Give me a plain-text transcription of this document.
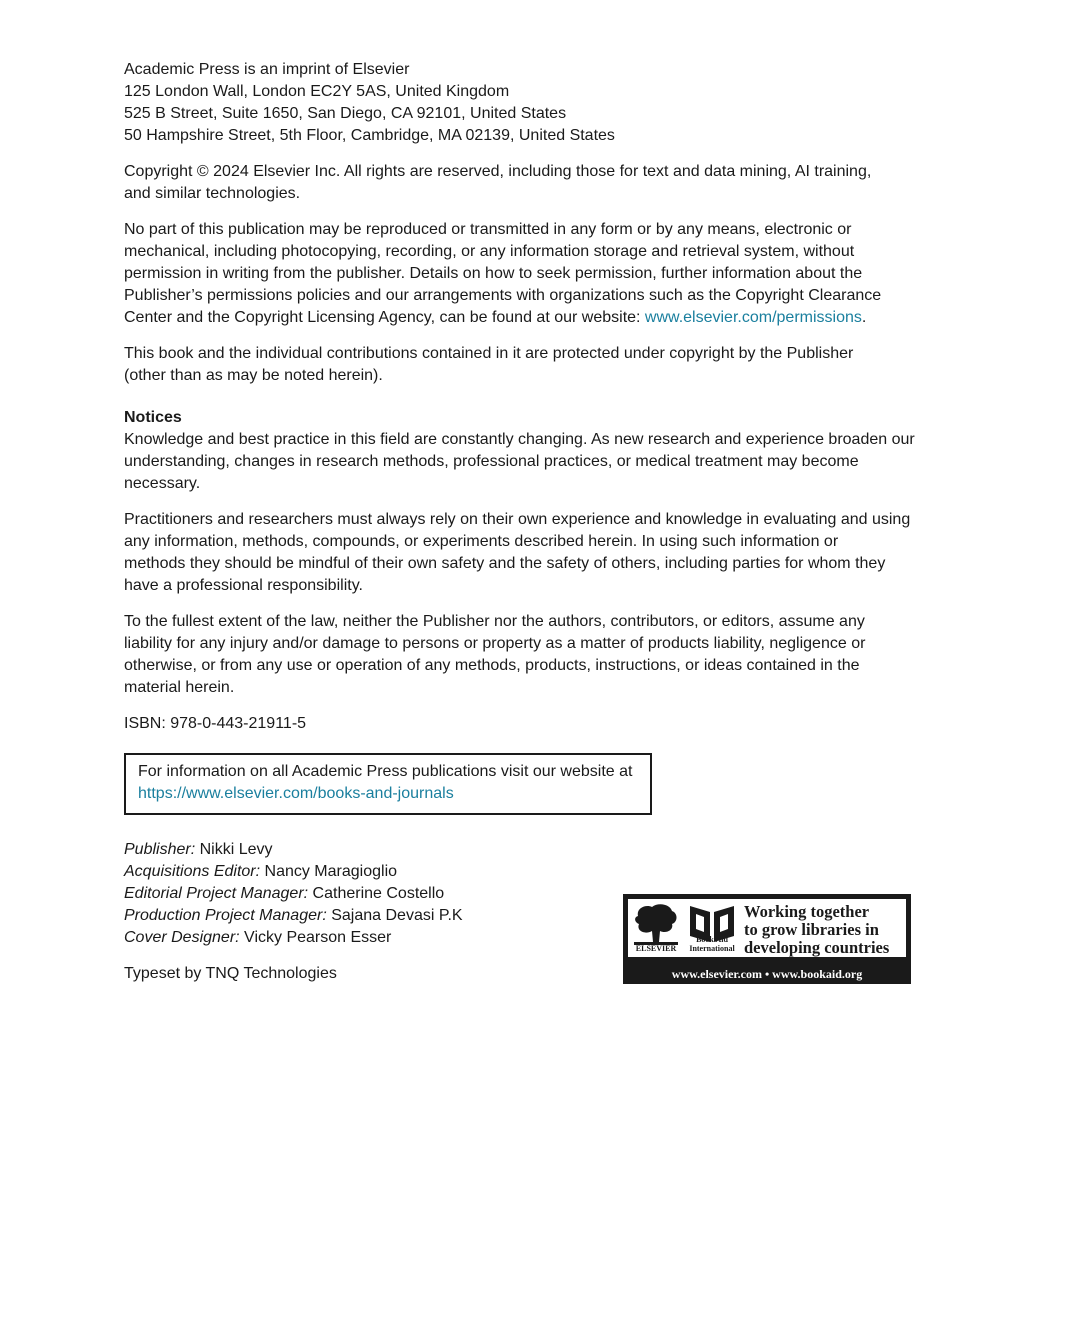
Academic Press is an imprint of Elsevier
125 London Wall, London EC2Y 5AS, United Kingdom
525 B Street, Suite 1650, San Diego, CA 92101, United States
50 Hampshire Street, 5th Floor, Cambridge, MA 02139, United States
Copyright © 2024 Elsevier Inc. All rights are reserved, including those for text and data mining, AI training,
and similar technologies.
No part of this publication may be reproduced or transmitted in any form or by any means, electronic or
mechanical, including photocopying, recording, or any information storage and retrieval system, without
permission in writing from the publisher. Details on how to seek permission, further information about the
Publisher’s permissions policies and our arrangements with organizations such as the Copyright Clearance
Center and the Copyright Licensing Agency, can be found at our website: www.elsevier.com/permissions.
This book and the individual contributions contained in it are protected under copyright by the Publisher
(other than as may be noted herein).
Notices
Knowledge and best practice in this field are constantly changing. As new research and experience broaden our
understanding, changes in research methods, professional practices, or medical treatment may become
necessary.
Practitioners and researchers must always rely on their own experience and knowledge in evaluating and using
any information, methods, compounds, or experiments described herein. In using such information or
methods they should be mindful of their own safety and the safety of others, including parties for whom they
have a professional responsibility.
To the fullest extent of the law, neither the Publisher nor the authors, contributors, or editors, assume any
liability for any injury and/or damage to persons or property as a matter of products liability, negligence or
otherwise, or from any use or operation of any methods, products, instructions, or ideas contained in the
material herein.
ISBN: 978-0-443-21911-5
For information on all Academic Press publications visit our website at
https://www.elsevier.com/books-and-journals
Publisher: Nikki Levy
Acquisitions Editor: Nancy Maragioglio
Editorial Project Manager: Catherine Costello
Production Project Manager: Sajana Devasi P.K
Cover Designer: Vicky Pearson Esser
Typeset by TNQ Technologies
ELSEVIER
Book Aid International
Working together
to grow libraries in
developing countries
www.elsevier.com • www.bookaid.org
